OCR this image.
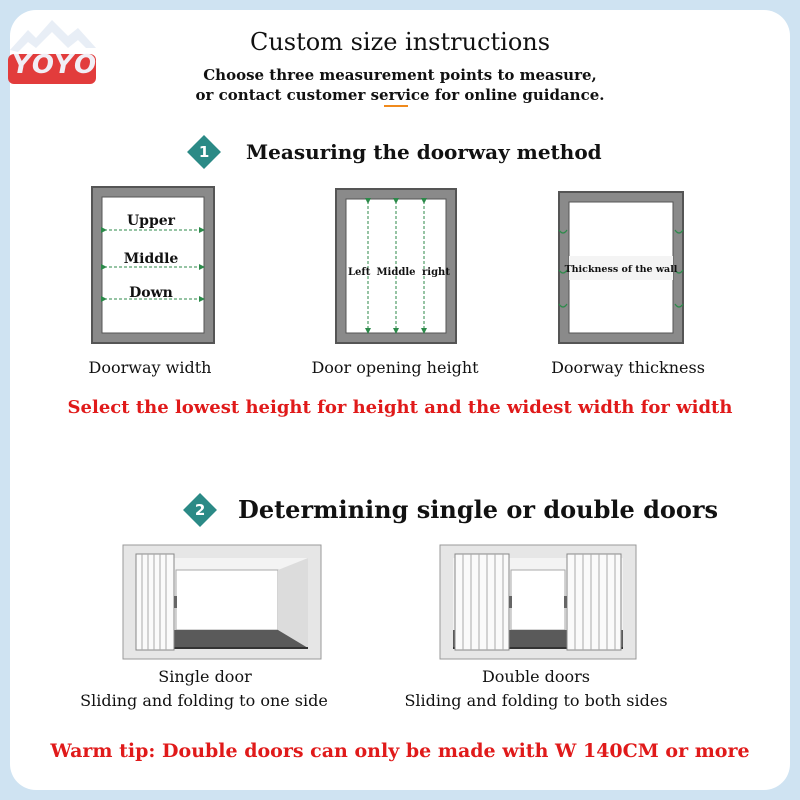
YOYO
Custom size instructions
Choose three measurement points to measure,
or contact customer service for online guidance.
1 Measuring the doorway method
Upper
Middle
Down
Doorway width
Left Middle right
Door opening height
Thickness of the wall
Doorway thickness
Select the lowest height for height and the widest width for width
2 Determining single or double doors
Single door
Sliding and folding to one side
Double doors
Sliding and folding to both sides
Warm tip: Double doors can only be made with W 140CM or more
